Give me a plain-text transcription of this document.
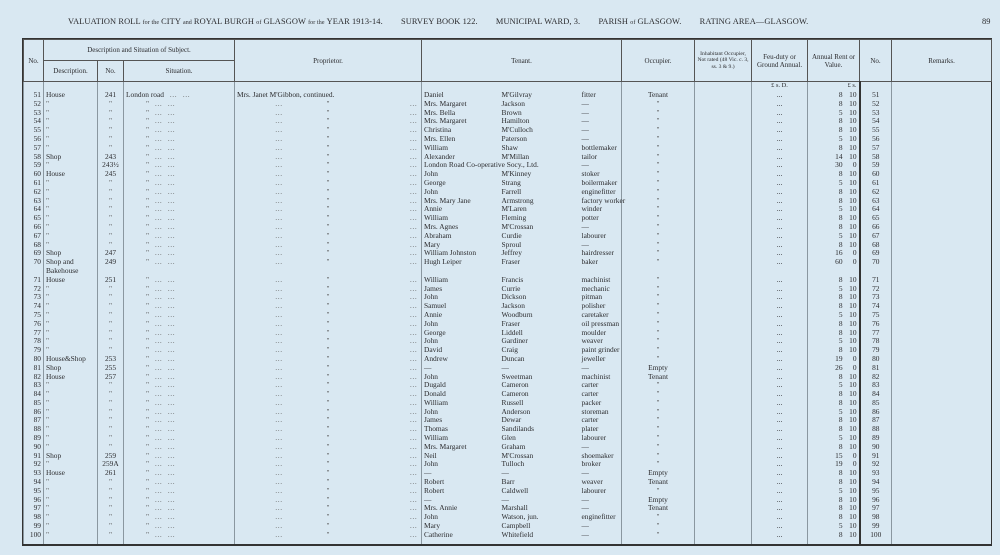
VALUATION ROLL for the CITY and ROYAL BURGH of GLASGOW for the YEAR 1913-14. SURVEY BOOK 122. MUNICIPAL WARD, 3. PARISH of GLASGOW. RATING AREA—GLASGOW.	89
No.	Description and Situation of Subject.			Proprietor.	Tenant.			Occupier.	Inhabitant Occupier, Not rated (48 Vic. c. 3, ss. 3 & 9.)	Feu-duty or Ground Annual.	Annual Rent or Value.	No.	Remarks.
	Description.	No.	Situation.										
										£ s. D.	£ s.		
51	House	241	London road … …	Mrs. Janet M'Gibbon, continued.	Daniel	M'Gilvray	fitter	Tenant		...	8 10	51	
52	"	"	" … …	… " …	Mrs. Margaret	Jackson	—	"		...	8 10	52	
53	"	"	" … …	… " …	Mrs. Bella	Brown	—	"		...	5 10	53	
54	"	"	" … …	… " …	Mrs. Margaret	Hamilton	—	"		...	8 10	54	
55	"	"	" … …	… " …	Christina	M'Culloch	—	"		...	8 10	55	
56	"	"	" … …	… " …	Mrs. Ellen	Paterson	—	"		...	5 10	56	
57	"	"	" … …	… " …	William	Shaw	bottlemaker	"		...	8 10	57	
58	Shop	243	" … …	… " …	Alexander	M'Millan	tailor	"		...	14 10	58	
59	"	243½	" … …	… " …	London Road Co-operative Socy., Ltd.		—	"		...	30 0	59	
60	House	245	" … …	… " …	John	M'Kinney	stoker	"		...	8 10	60	
61	"	"	" … …	… " …	George	Strang	boilermaker	"		...	5 10	61	
62	"	"	" … …	… " …	John	Farrell	enginefitter	"		...	8 10	62	
63	"	"	" … …	… " …	Mrs. Mary Jane	Armstrong	factory worker	"		...	8 10	63	
64	"	"	" … …	… " …	Annie	M'Laren	winder	"		...	5 10	64	
65	"	"	" … …	… " …	William	Fleming	potter	"		...	8 10	65	
66	"	"	" … …	… " …	Mrs. Agnes	M'Crossan	—	"		...	8 10	66	
67	"	"	" … …	… " …	Abraham	Curdie	labourer	"		...	5 10	67	
68	"	"	" … …	… " …	Mary	Sproul	—	"		...	8 10	68	
69	Shop	247	" … …	… " …	William Johnston	Jeffrey	hairdresser	"		...	16 0	69	
70	Shop and Bakehouse	249	" … …	… " …	Hugh Leiper	Fraser	baker	"		...	60 0	70	
71	House	251	" … …	… " …	William	Francis	machinist	"		...	8 10	71	
72	"	"	" … …	… " …	James	Currie	mechanic	"		...	5 10	72	
73	"	"	" … …	… " …	John	Dickson	pitman	"		...	8 10	73	
74	"	"	" … …	… " …	Samuel	Jackson	polisher	"		...	8 10	74	
75	"	"	" … …	… " …	Annie	Woodburn	caretaker	"		...	5 10	75	
76	"	"	" … …	… " …	John	Fraser	oil pressman	"		...	8 10	76	
77	"	"	" … …	… " …	George	Liddell	moulder	"		...	8 10	77	
78	"	"	" … …	… " …	John	Gardiner	weaver	"		...	5 10	78	
79	"	"	" … …	… " …	David	Craig	paint grinder	"		...	8 10	79	
80	House&Shop	253	" … …	… " …	Andrew	Duncan	jeweller	"		...	19 0	80	
81	Shop	255	" … …	… " …	—	—	—	Empty		...	26 0	81	
82	House	257	" … …	… " …	John	Sweetman	machinist	Tenant		...	8 10	82	
83	"	"	" … …	… " …	Dugald	Cameron	carter	"		...	5 10	83	
84	"	"	" … …	… " …	Donald	Cameron	carter	"		...	8 10	84	
85	"	"	" … …	… " …	William	Russell	packer	"		...	8 10	85	
86	"	"	" … …	… " …	John	Anderson	storeman	"		...	5 10	86	
87	"	"	" … …	… " …	James	Dewar	carter	"		...	8 10	87	
88	"	"	" … …	… " …	Thomas	Sandilands	plater	"		...	8 10	88	
89	"	"	" … …	… " …	William	Glen	labourer	"		...	5 10	89	
90	"	"	" … …	… " …	Mrs. Margaret	Graham	—	"		...	8 10	90	
91	Shop	259	" … …	… " …	Neil	M'Crossan	shoemaker	"		...	15 0	91	
92	"	259A	" … …	… " …	John	Tulloch	broker	"		...	19 0	92	
93	House	261	" … …	… " …	—	—	—	Empty		...	8 10	93	
94	"	"	" … …	… " …	Robert	Barr	weaver	Tenant		...	8 10	94	
95	"	"	" … …	… " …	Robert	Caldwell	labourer	"		...	5 10	95	
96	"	"	" … …	… " …	—	—	—	Empty		...	8 10	96	
97	"	"	" … …	… " …	Mrs. Annie	Marshall	—	Tenant		...	8 10	97	
98	"	"	" … …	… " …	John	Watson, jun.	enginefitter	"		...	8 10	98	
99	"	"	" … …	… " …	Mary	Campbell	—	"		...	5 10	99	
100	"	"	" … …	… " …	Catherine	Whitefield	—	"		...	8 10	100	
